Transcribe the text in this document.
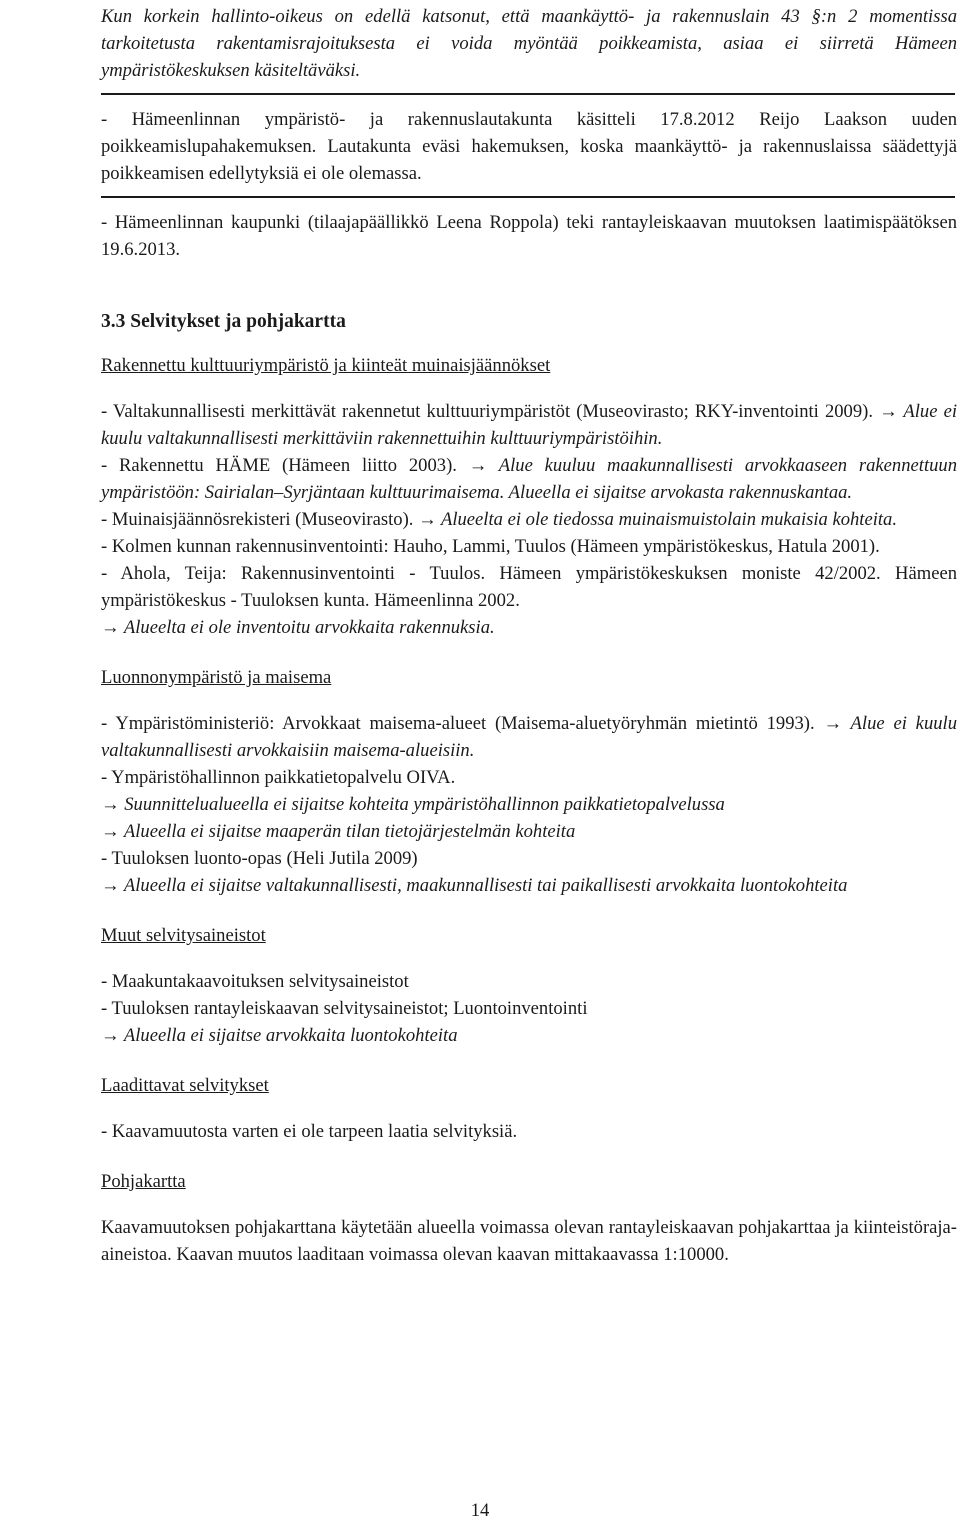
Kun korkein hallinto-oikeus on edellä katsonut, että maankäyttö- ja rakennuslain 43 §:n 2 momentissa tarkoitetusta rakentamisrajoituksesta ei voida myöntää poikkeamista, asiaa ei siirretä Hämeen ympäristökeskuksen käsiteltäväksi.

- Hämeenlinnan ympäristö- ja rakennuslautakunta käsitteli 17.8.2012 Reijo Laakson uuden poikkeamislupahakemuksen. Lautakunta eväsi hakemuksen, koska maankäyttö- ja rakennuslaissa säädettyjä poikkeamisen edellytyksiä ei ole olemassa.

- Hämeenlinnan kaupunki (tilaajapäällikkö Leena Roppola) teki rantayleiskaavan muutoksen laatimispäätöksen 19.6.2013.

3.3 Selvitykset ja pohjakartta

Rakennettu kulttuuriympäristö ja kiinteät muinaisjäännökset

- Valtakunnallisesti merkittävät rakennetut kulttuuriympäristöt (Museovirasto; RKY-inventointi 2009). → Alue ei kuulu valtakunnallisesti merkittäviin rakennettuihin kulttuuriympäristöihin.

- Rakennettu HÄME (Hämeen liitto 2003). → Alue kuuluu maakunnallisesti arvokkaaseen rakennettuun ympäristöön: Sairialan–Syrjäntaan kulttuurimaisema. Alueella ei sijaitse arvokasta rakennuskantaa.

- Muinaisjäännösrekisteri (Museovirasto). → Alueelta ei ole tiedossa muinaismuistolain mukaisia kohteita.

- Kolmen kunnan rakennusinventointi: Hauho, Lammi, Tuulos (Hämeen ympäristökeskus, Hatula 2001).

- Ahola, Teija: Rakennusinventointi - Tuulos. Hämeen ympäristökeskuksen moniste 42/2002. Hämeen ympäristökeskus - Tuuloksen kunta. Hämeenlinna 2002.

→ Alueelta ei ole inventoitu arvokkaita rakennuksia.

Luonnonympäristö ja maisema

- Ympäristöministeriö: Arvokkaat maisema-alueet (Maisema-aluetyöryhmän mietintö 1993). → Alue ei kuulu valtakunnallisesti arvokkaisiin maisema-alueisiin.

- Ympäristöhallinnon paikkatietopalvelu OIVA.

→ Suunnittelualueella ei sijaitse kohteita ympäristöhallinnon paikkatietopalvelussa

→ Alueella ei sijaitse maaperän tilan tietojärjestelmän kohteita

- Tuuloksen luonto-opas (Heli Jutila 2009)

→ Alueella ei sijaitse valtakunnallisesti, maakunnallisesti tai paikallisesti arvokkaita luontokohteita

Muut selvitysaineistot

- Maakuntakaavoituksen selvitysaineistot

- Tuuloksen rantayleiskaavan selvitysaineistot; Luontoinventointi

→ Alueella ei sijaitse arvokkaita luontokohteita

Laadittavat selvitykset

- Kaavamuutosta varten ei ole tarpeen laatia selvityksiä.

Pohjakartta

Kaavamuutoksen pohjakarttana käytetään alueella voimassa olevan rantayleiskaavan pohjakarttaa ja kiinteistöraja-aineistoa. Kaavan muutos laaditaan voimassa olevan kaavan mittakaavassa 1:10000.

14
